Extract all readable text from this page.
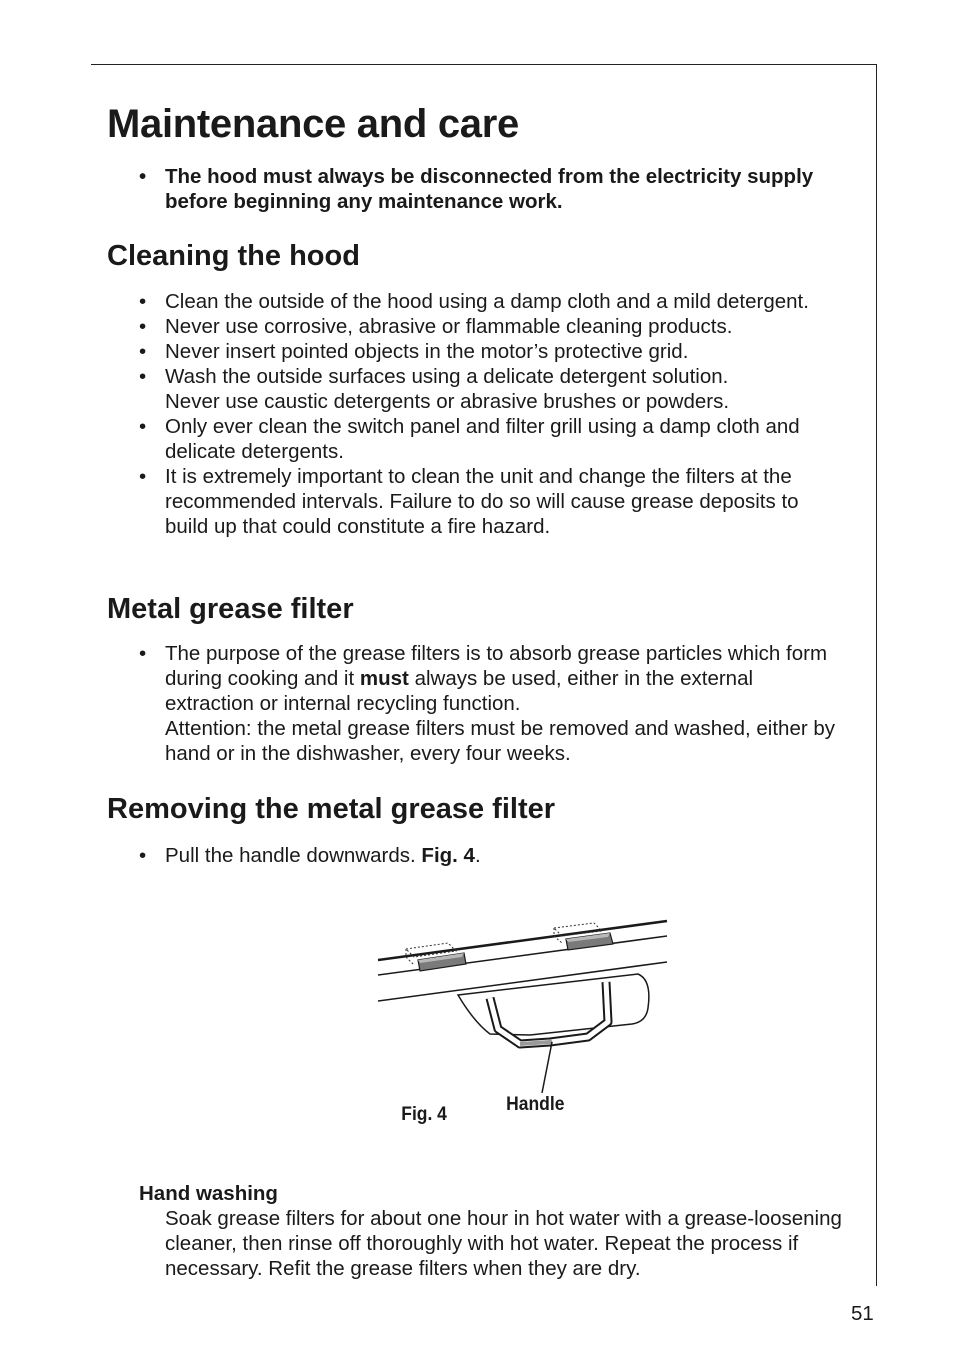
Maintenance and care
• The hood must always be disconnected from the electricity supply before beginning any maintenance work.
Cleaning the hood
• Clean the outside of the hood using a damp cloth and a mild detergent.
• Never use corrosive, abrasive or flammable cleaning products.
• Never insert pointed objects in the motor’s protective grid.
• Wash the outside surfaces using a delicate detergent solution.
Never use caustic detergents or abrasive brushes or powders.
• Only ever clean the switch panel and filter grill using a damp cloth and delicate detergents.
• It is extremely important to clean the unit and change the filters at the recommended intervals. Failure to do so will cause grease deposits to build up that could constitute a fire hazard.
Metal grease filter
• The purpose of the grease filters is to absorb grease particles which form during cooking and it must always be used, either in the external extraction or internal recycling function.
Attention: the metal grease filters must be removed and washed, either by hand or in the dishwasher, every four weeks.
Removing the metal grease filter
• Pull the handle downwards. Fig. 4.
Fig. 4	Handle
Hand washing
Soak grease filters for about one hour in hot water with a grease-loosening cleaner, then rinse off thoroughly with hot water. Repeat the process if necessary. Refit the grease filters when they are dry.
51
